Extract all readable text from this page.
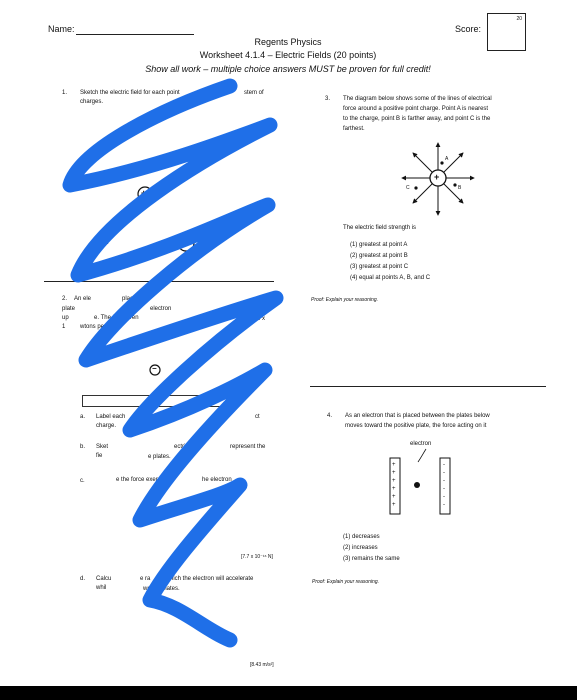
Name:	Score:
20
Regents Physics
Worksheet 4.1.4 – Electric Fields (20 points)
Show all work – multiple choice answers MUST be proven for full credit!
1. Sketch the electric field for each point	stem of
charges.
a.
c.
+
-
2. An ele	placed b	rged
plate	electron	d the
up	e. The field stren	ween	is 4.8 x
1 wtons per coulo
−
a. Label each	e diagr	ct
charge.
b. Sket	ectric field	represent the
fie	e plates.
c.	e the force exer	he electron
[7.7 x 10⁻¹⁶ N]
d. Calcu	e ra	hich the electron will accelerate
whil	wee plates.
[8.43 m/s²]
3. The diagram below shows some of the lines of electrical
force around a positive point charge. Point A is nearest
to the charge, point B is farther away, and point C is the
farthest.
+
A
B
C
The electric field strength is
(1) greatest at point A
(2) greatest at point B
(3) greatest at point C
(4) equal at points A, B, and C
Proof: Explain your reasoning.
4. As an electron that is placed between the plates below
moves toward the positive plate, the force acting on it
electron
+
+
+
+
+
+
-
-
-
-
-
-
(1) decreases
(2) increases
(3) remains the same
Proof: Explain your reasoning.
